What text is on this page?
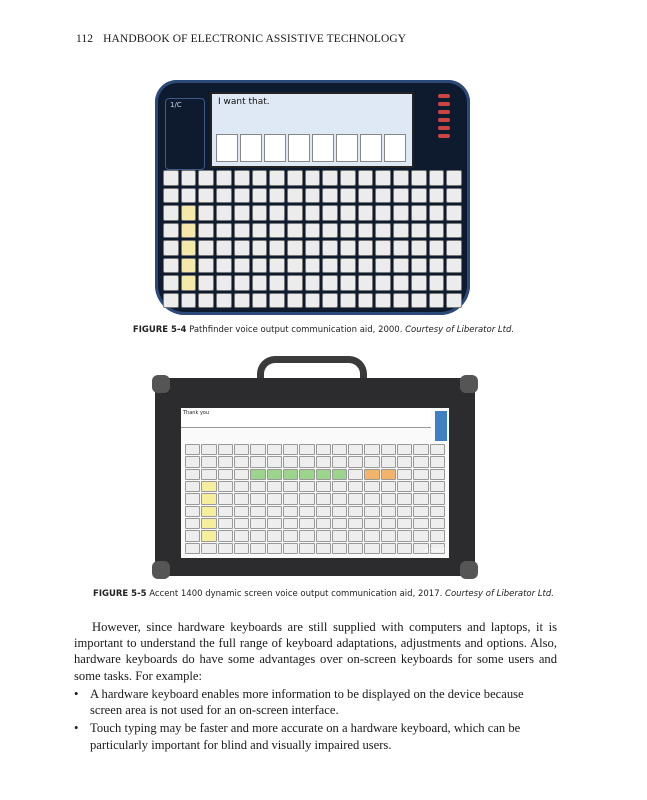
112 HANDBOOK OF ELECTRONIC ASSISTIVE TECHNOLOGY
1/C	I want that.
FIGURE 5-4 Pathfinder voice output communication aid, 2000. Courtesy of Liberator Ltd.
Thank you
Accent
FIGURE 5-5 Accent 1400 dynamic screen voice output communication aid, 2017. Courtesy of Liberator Ltd.

However, since hardware keyboards are still supplied with computers and laptops, it is important to understand the full range of keyboard adaptations, adjustments and options. Also, hardware keyboards do have some advantages over on-screen keyboards for some users and some tasks. For example:

• A hardware keyboard enables more information to be displayed on the device because screen area is not used for an on-screen interface.
• Touch typing may be faster and more accurate on a hardware keyboard, which can be particularly important for blind and visually impaired users.
